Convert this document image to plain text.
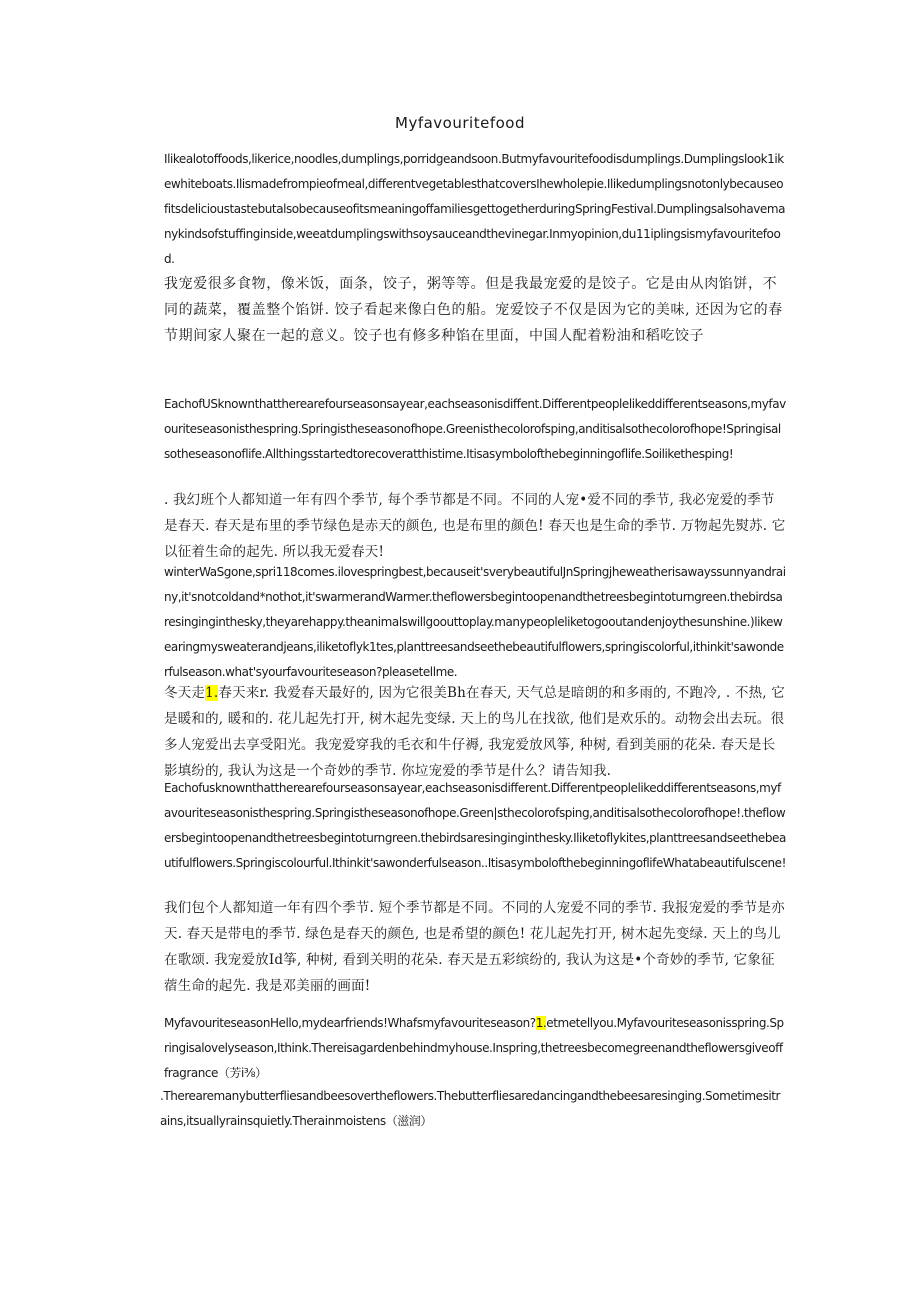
Myfavouritefood

Ilikealotoffoods,likerice,noodles,dumplings,porridgeandsoon.Butmyfavouritefoodisdumplings.Dumplingslook1ikewhiteboats.Ilismadefrompieofmeal,differentvegetablesthatcoversIhewholepie.IlikedumplingsnotonlybecauseofitsdelicioustastebutalsobecauseofitsmeaningoffamiliesgettogetherduringSpringFestival.Dumplingsalsohavemanykindsofstuffinginside,weeatdumplingswithsoysauceandthevinegar.Inmyopinion,du11iplingsismyfavouritefood.

我宠爱很多食物，像米饭，面条，饺子，粥等等。但是我最宠爱的是饺子。它是由从肉馅饼，不同的蔬菜，覆盖整个馅饼. 饺子看起来像白色的船。宠爱饺子不仅是因为它的美味, 还因为它的春节期间家人聚在一起的意义。饺子也有修多种馅在里面，中国人配着粉油和稻吃饺子

EachofUSknownthattherearefourseasonsayear,eachseasonisdiffent.Differentpeoplelikeddifferentseasons,myfavouriteseasonisthespring.Springistheseasonofhope.Greenisthecolorofsping,anditisalsothecolorofhope!Springisalsotheseasonoflife.Allthingsstartedtorecoveratthistime.Itisasymbolofthebeginningoflife.Soilikethesping!

. 我幻班个人都知道一年有四个季节, 每个季节都是不同。不同的人宠•爱不同的季节, 我必宠爱的季节是春天. 春天是布里的季节绿色是赤天的颜色, 也是布里的颜色! 春天也是生命的季节. 万物起先熨苏. 它以征着生命的起先. 所以我无爱春天!

winterWaSgone,spri118comes.ilovespringbest,becauseit'sverybeautifulJnSpringjheweatherisawayssunnyandrainy,it'snotcoldand*nothot,it'swarmerandWarmer.theflowersbegintoopenandthetreesbegintoturngreen.thebirdsaresinginginthesky,theyarehappy.theanimalswillgoouttoplay.manypeopleliketogooutandenjoythesunshine.)likewearingmysweaterandjeans,iliketoflyk1tes,planttreesandseethebeautifulflowers,springiscolorful,ithinkit'sawonderfulseason.what'syourfavouriteseason?pleasetellme.

冬天走1.春天来r. 我爱春天最好的, 因为它很美Bh在春天, 天气总是暗朗的和多雨的, 不跑冷, . 不热, 它是暖和的, 暖和的. 花儿起先打开, 树木起先变绿. 天上的鸟儿在找欲, 他们是欢乐的。动物会出去玩。很多人宠爱出去享受阳光。我宠爱穿我的毛衣和牛仔褥, 我宠爱放风筝, 种树, 看到美丽的花朵. 春天是长影填纷的, 我认为这是一个奇妙的季节. 你垃宠爱的季节是什么？请告知我.

Eachofusknownthattherearefourseasonsayear,eachseasonisdifferent.Differentpeoplelikeddifferentseasons,myfavouriteseasonisthespring.Springistheseasonofhope.Green|sthecolorofsping,anditisalsothecolorofhope!.theflowersbegintoopenandthetreesbegintoturngreen.thebirdsaresinginginthesky.Iliketoflykites,planttreesandseethebeautifulflowers.Springiscolourful.Ithinkit'sawonderfulseason..ItisasymbolofthebeginningoflifeWhatabeautifulscene!

我们包个人都知道一年有四个季节. 短个季节都是不同。不同的人宠爱不同的季节. 我报宠爱的季节是亦天. 春天是带电的季节. 绿色是春天的颜色, 也是希望的颜色! 花儿起先打开, 树木起先变绿. 天上的鸟儿在歌颂. 我宠爱放Id筝, 种树, 看到关明的花朵. 春天是五彩缤纷的, 我认为这是•个奇妙的季节, 它象征蓿生命的起先. 我是邓美丽的画面!

MyfavouriteseasonHello,mydearfriends!Whafsmyfavouriteseason?1.etmetellyou.Myfavouriteseasonisspring.Springisalovelyseason,Ithink.Thereisagardenbehindmyhouse.Inspring,thetreesbecomegreenandtheflowersgiveofffragrance（芳i⅜）

.Therearemanybutterfliesandbeesovertheflowers.Thebutterfliesaredancingandthebeesaresinging.Sometimesitrains,itsuallyrainsquietly.Therainmoistens（滋润）
